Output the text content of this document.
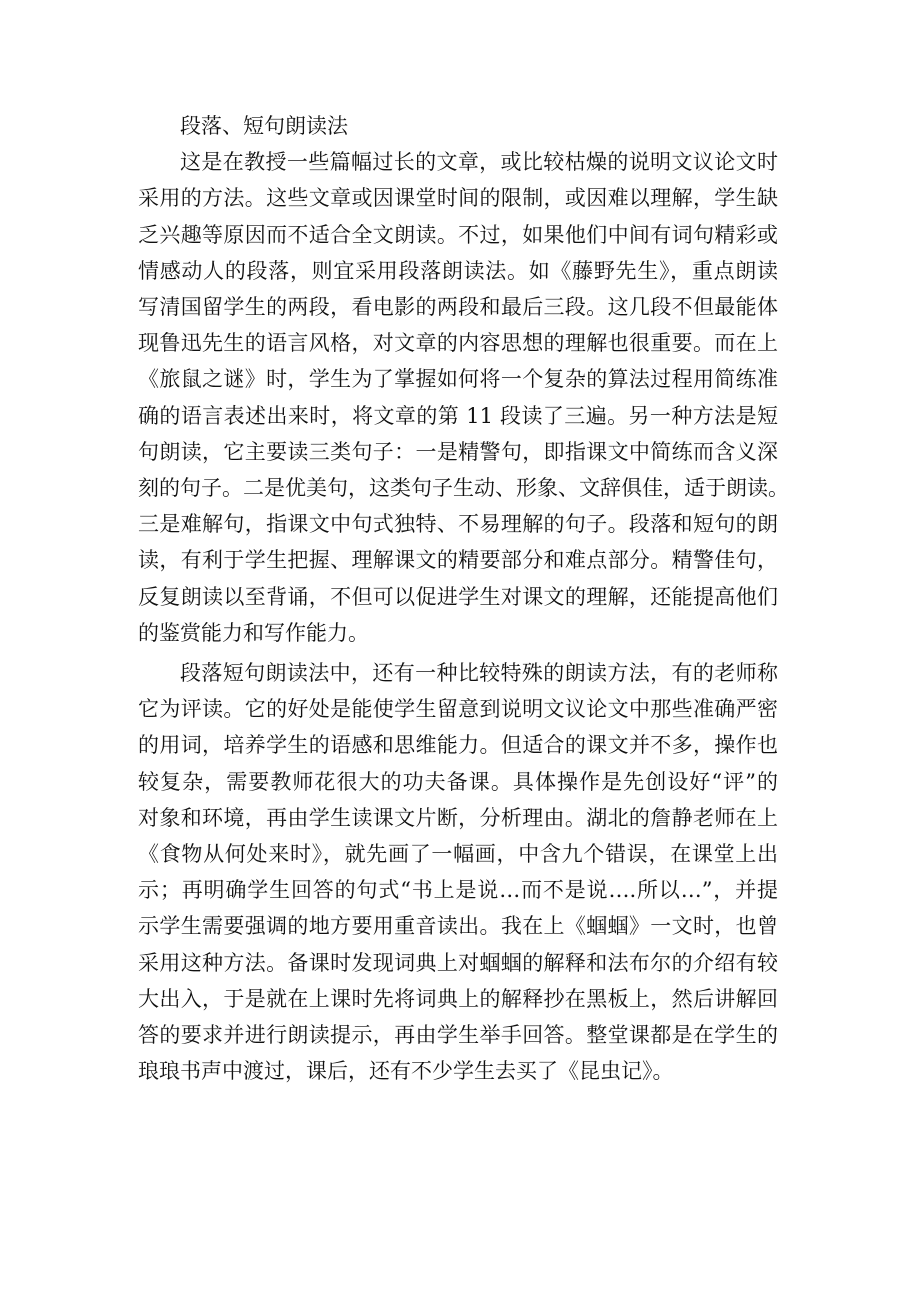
段落、短句朗读法

这是在教授一些篇幅过长的文章，或比较枯燥的说明文议论文时
采用的方法。这些文章或因课堂时间的限制，或因难以理解，学生缺
乏兴趣等原因而不适合全文朗读。不过，如果他们中间有词句精彩或
情感动人的段落，则宜采用段落朗读法。如《藤野先生》，重点朗读
写清国留学生的两段，看电影的两段和最后三段。这几段不但最能体
现鲁迅先生的语言风格，对文章的内容思想的理解也很重要。而在上
《旅鼠之谜》时，学生为了掌握如何将一个复杂的算法过程用简练准
确的语言表述出来时，将文章的第 11 段读了三遍。另一种方法是短
句朗读，它主要读三类句子：一是精警句，即指课文中简练而含义深
刻的句子。二是优美句，这类句子生动、形象、文辞俱佳，适于朗读。
三是难解句，指课文中句式独特、不易理解的句子。段落和短句的朗
读，有利于学生把握、理解课文的精要部分和难点部分。精警佳句，
反复朗读以至背诵，不但可以促进学生对课文的理解，还能提高他们
的鉴赏能力和写作能力。

段落短句朗读法中，还有一种比较特殊的朗读方法，有的老师称
它为评读。它的好处是能使学生留意到说明文议论文中那些准确严密
的用词，培养学生的语感和思维能力。但适合的课文并不多，操作也
较复杂，需要教师花很大的功夫备课。具体操作是先创设好“评”的
对象和环境，再由学生读课文片断，分析理由。湖北的詹静老师在上
《食物从何处来时》，就先画了一幅画，中含九个错误，在课堂上出
示；再明确学生回答的句式“书上是说…而不是说….所以…”，并提
示学生需要强调的地方要用重音读出。我在上《蝈蝈》一文时，也曾
采用这种方法。备课时发现词典上对蝈蝈的解释和法布尔的介绍有较
大出入，于是就在上课时先将词典上的解释抄在黑板上，然后讲解回
答的要求并进行朗读提示，再由学生举手回答。整堂课都是在学生的
琅琅书声中渡过，课后，还有不少学生去买了《昆虫记》。
